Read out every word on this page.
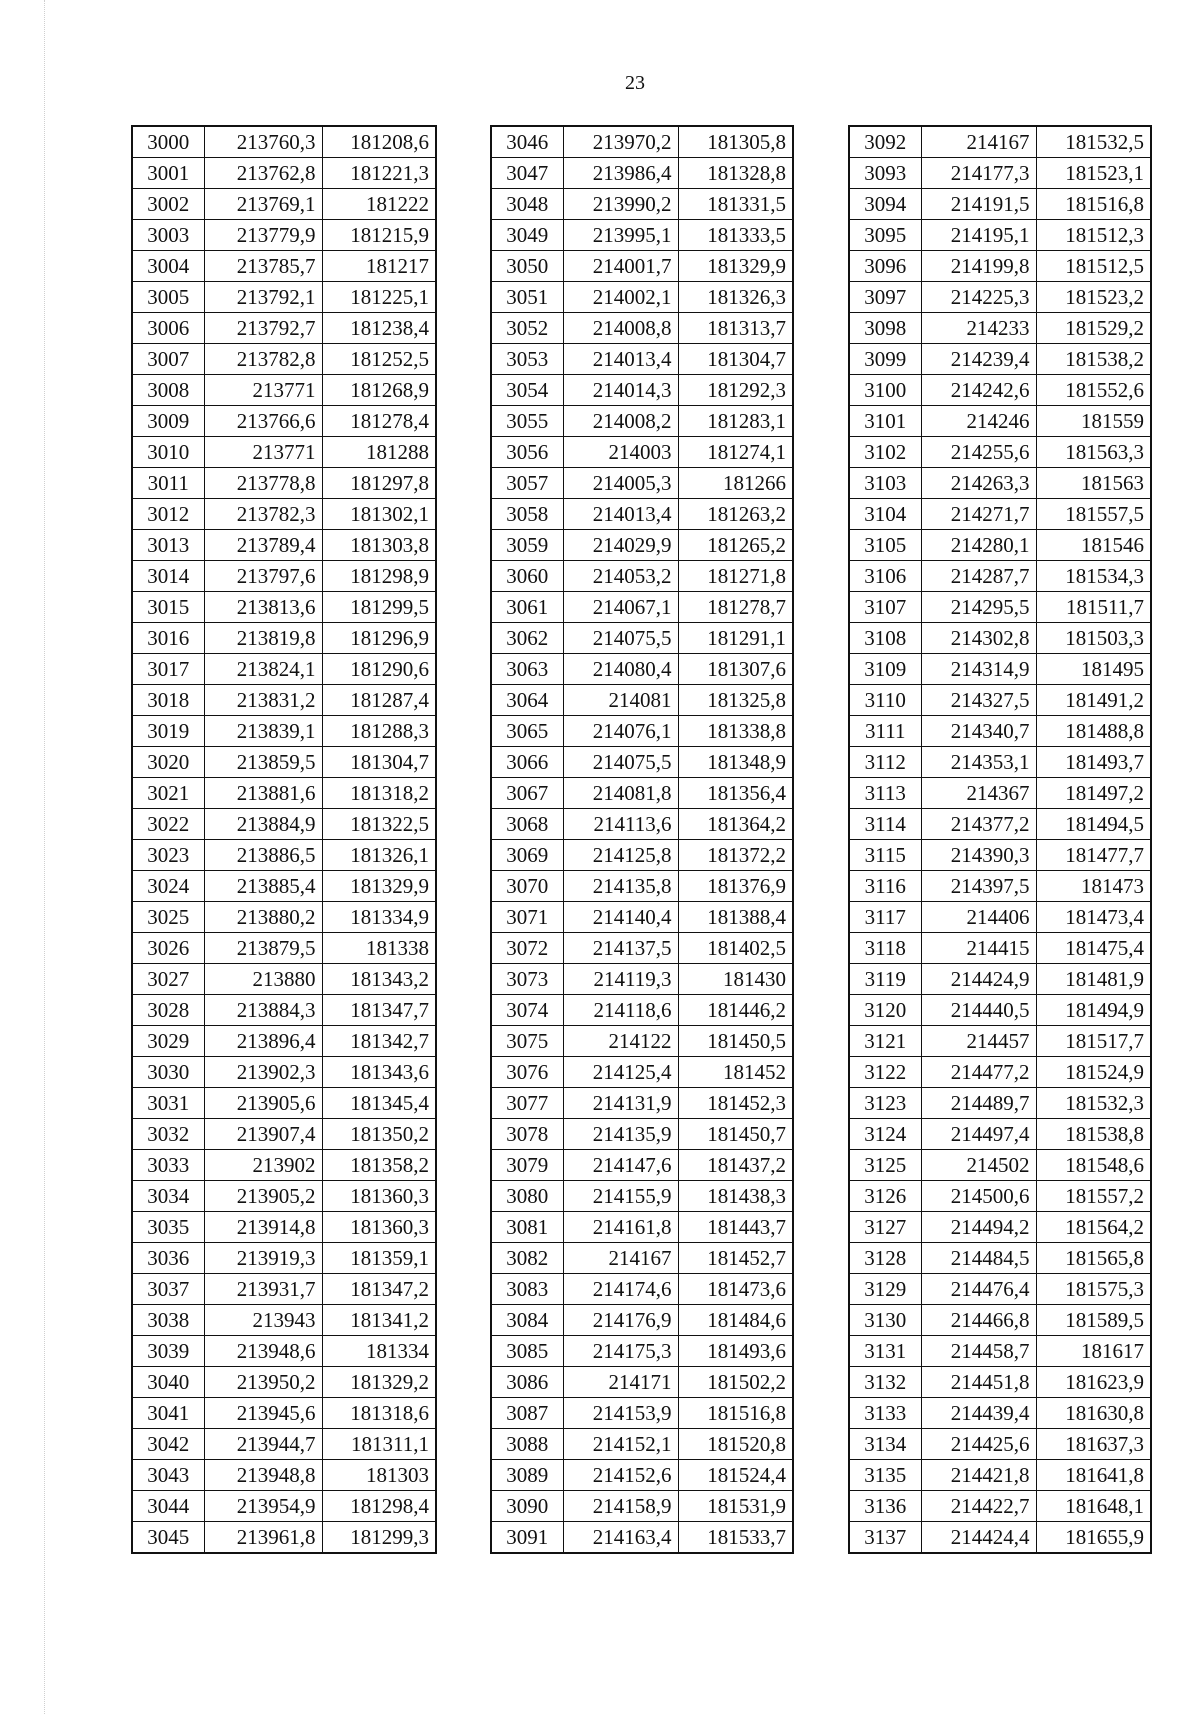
23
3000	213760,3	181208,6
3001	213762,8	181221,3
3002	213769,1	181222
3003	213779,9	181215,9
3004	213785,7	181217
3005	213792,1	181225,1
3006	213792,7	181238,4
3007	213782,8	181252,5
3008	213771	181268,9
3009	213766,6	181278,4
3010	213771	181288
3011	213778,8	181297,8
3012	213782,3	181302,1
3013	213789,4	181303,8
3014	213797,6	181298,9
3015	213813,6	181299,5
3016	213819,8	181296,9
3017	213824,1	181290,6
3018	213831,2	181287,4
3019	213839,1	181288,3
3020	213859,5	181304,7
3021	213881,6	181318,2
3022	213884,9	181322,5
3023	213886,5	181326,1
3024	213885,4	181329,9
3025	213880,2	181334,9
3026	213879,5	181338
3027	213880	181343,2
3028	213884,3	181347,7
3029	213896,4	181342,7
3030	213902,3	181343,6
3031	213905,6	181345,4
3032	213907,4	181350,2
3033	213902	181358,2
3034	213905,2	181360,3
3035	213914,8	181360,3
3036	213919,3	181359,1
3037	213931,7	181347,2
3038	213943	181341,2
3039	213948,6	181334
3040	213950,2	181329,2
3041	213945,6	181318,6
3042	213944,7	181311,1
3043	213948,8	181303
3044	213954,9	181298,4
3045	213961,8	181299,3
3046	213970,2	181305,8
3047	213986,4	181328,8
3048	213990,2	181331,5
3049	213995,1	181333,5
3050	214001,7	181329,9
3051	214002,1	181326,3
3052	214008,8	181313,7
3053	214013,4	181304,7
3054	214014,3	181292,3
3055	214008,2	181283,1
3056	214003	181274,1
3057	214005,3	181266
3058	214013,4	181263,2
3059	214029,9	181265,2
3060	214053,2	181271,8
3061	214067,1	181278,7
3062	214075,5	181291,1
3063	214080,4	181307,6
3064	214081	181325,8
3065	214076,1	181338,8
3066	214075,5	181348,9
3067	214081,8	181356,4
3068	214113,6	181364,2
3069	214125,8	181372,2
3070	214135,8	181376,9
3071	214140,4	181388,4
3072	214137,5	181402,5
3073	214119,3	181430
3074	214118,6	181446,2
3075	214122	181450,5
3076	214125,4	181452
3077	214131,9	181452,3
3078	214135,9	181450,7
3079	214147,6	181437,2
3080	214155,9	181438,3
3081	214161,8	181443,7
3082	214167	181452,7
3083	214174,6	181473,6
3084	214176,9	181484,6
3085	214175,3	181493,6
3086	214171	181502,2
3087	214153,9	181516,8
3088	214152,1	181520,8
3089	214152,6	181524,4
3090	214158,9	181531,9
3091	214163,4	181533,7
3092	214167	181532,5
3093	214177,3	181523,1
3094	214191,5	181516,8
3095	214195,1	181512,3
3096	214199,8	181512,5
3097	214225,3	181523,2
3098	214233	181529,2
3099	214239,4	181538,2
3100	214242,6	181552,6
3101	214246	181559
3102	214255,6	181563,3
3103	214263,3	181563
3104	214271,7	181557,5
3105	214280,1	181546
3106	214287,7	181534,3
3107	214295,5	181511,7
3108	214302,8	181503,3
3109	214314,9	181495
3110	214327,5	181491,2
3111	214340,7	181488,8
3112	214353,1	181493,7
3113	214367	181497,2
3114	214377,2	181494,5
3115	214390,3	181477,7
3116	214397,5	181473
3117	214406	181473,4
3118	214415	181475,4
3119	214424,9	181481,9
3120	214440,5	181494,9
3121	214457	181517,7
3122	214477,2	181524,9
3123	214489,7	181532,3
3124	214497,4	181538,8
3125	214502	181548,6
3126	214500,6	181557,2
3127	214494,2	181564,2
3128	214484,5	181565,8
3129	214476,4	181575,3
3130	214466,8	181589,5
3131	214458,7	181617
3132	214451,8	181623,9
3133	214439,4	181630,8
3134	214425,6	181637,3
3135	214421,8	181641,8
3136	214422,7	181648,1
3137	214424,4	181655,9
